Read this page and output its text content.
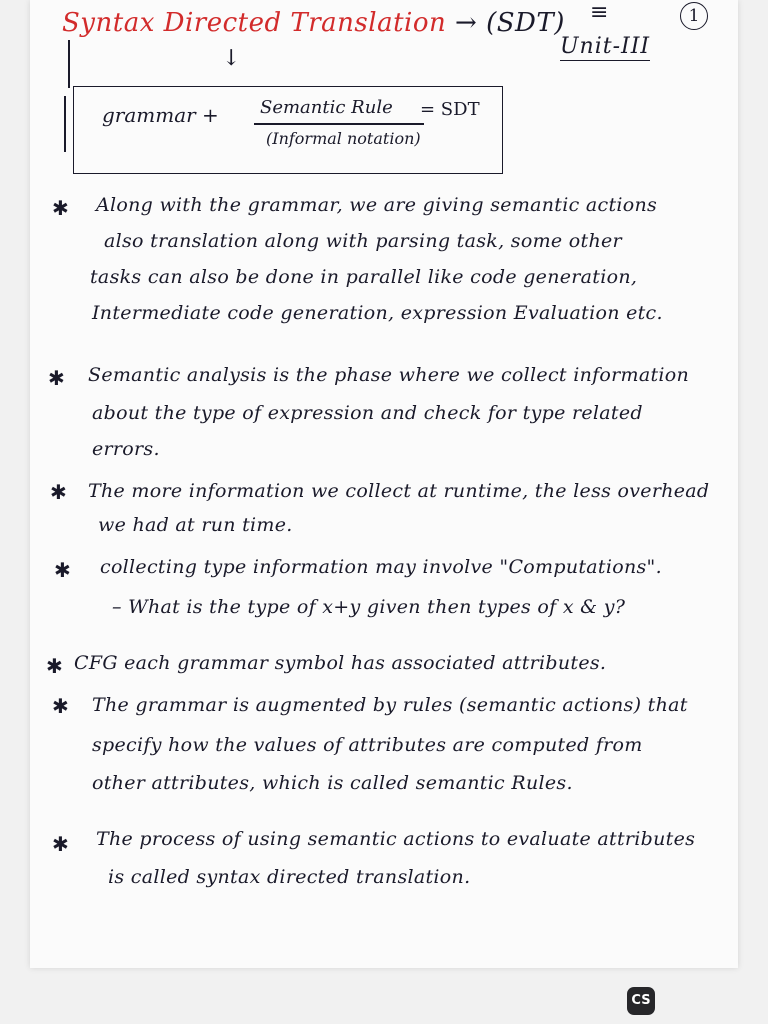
Syntax Directed Translation → (SDT) ≡	1
Unit-III
↓
grammar + Semantic Rule
(Informal notation)
= SDT
✱ Along with the grammar, we are giving semantic actions
also translation along with parsing task, some other
tasks can also be done in parallel like code generation,
Intermediate code generation, expression Evaluation etc.
✱ Semantic analysis is the phase where we collect information
about the type of expression and check for type related
errors.
✱ The more information we collect at runtime, the less overhead
we had at run time.
✱ collecting type information may involve "Computations".
– What is the type of x+y given then types of x & y?
✱ CFG each grammar symbol has associated attributes.
✱ The grammar is augmented by rules (semantic actions) that
specify how the values of attributes are computed from
other attributes, which is called semantic Rules.
✱ The process of using semantic actions to evaluate attributes
is called syntax directed translation.
CS
